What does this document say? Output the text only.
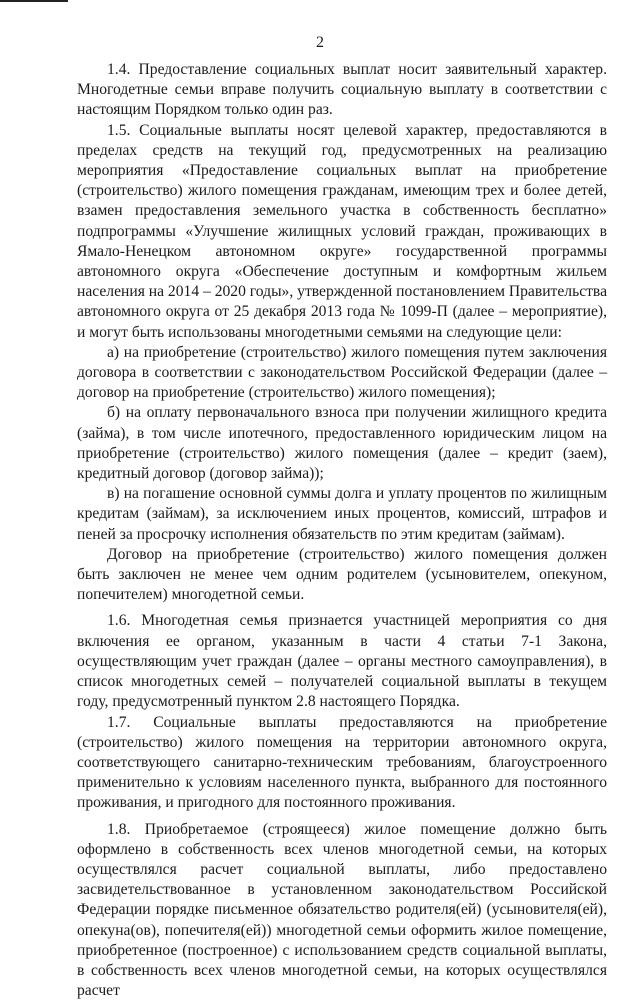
2

1.4. Предоставление социальных выплат носит заявительный характер. Многодетные семьи вправе получить социальную выплату в соответствии с настоящим Порядком только один раз.

1.5. Социальные выплаты носят целевой характер, предоставляются в пределах средств на текущий год, предусмотренных на реализацию мероприятия «Предоставление социальных выплат на приобретение (строительство) жилого помещения гражданам, имеющим трех и более детей, взамен предоставления земельного участка в собственность бесплатно» подпрограммы «Улучшение жилищных условий граждан, проживающих в Ямало-Ненецком автономном округе» государственной программы автономного округа «Обеспечение доступным и комфортным жильем населения на 2014 – 2020 годы», утвержденной постановлением Правительства автономного округа от 25 декабря 2013 года № 1099-П (далее – мероприятие), и могут быть использованы многодетными семьями на следующие цели:

а) на приобретение (строительство) жилого помещения путем заключения договора в соответствии с законодательством Российской Федерации (далее – договор на приобретение (строительство) жилого помещения);

б) на оплату первоначального взноса при получении жилищного кредита (займа), в том числе ипотечного, предоставленного юридическим лицом на приобретение (строительство) жилого помещения (далее – кредит (заем), кредитный договор (договор займа));

в) на погашение основной суммы долга и уплату процентов по жилищным кредитам (займам), за исключением иных процентов, комиссий, штрафов и пеней за просрочку исполнения обязательств по этим кредитам (займам).

Договор на приобретение (строительство) жилого помещения должен быть заключен не менее чем одним родителем (усыновителем, опекуном, попечителем) многодетной семьи.

1.6. Многодетная семья признается участницей мероприятия со дня включения ее органом, указанным в части 4 статьи 7-1 Закона, осуществляющим учет граждан (далее – органы местного самоуправления), в список многодетных семей – получателей социальной выплаты в текущем году, предусмотренный пунктом 2.8 настоящего Порядка.

1.7. Социальные выплаты предоставляются на приобретение (строительство) жилого помещения на территории автономного округа, соответствующего санитарно-техническим требованиям, благоустроенного применительно к условиям населенного пункта, выбранного для постоянного проживания, и пригодного для постоянного проживания.

1.8. Приобретаемое (строящееся) жилое помещение должно быть оформлено в собственность всех членов многодетной семьи, на которых осуществлялся расчет социальной выплаты, либо предоставлено засвидетельствованное в установленном законодательством Российской Федерации порядке письменное обязательство родителя(ей) (усыновителя(ей), опекуна(ов), попечителя(ей)) многодетной семьи оформить жилое помещение, приобретенное (построенное) с использованием средств социальной выплаты, в собственность всех членов многодетной семьи, на которых осуществлялся расчет
